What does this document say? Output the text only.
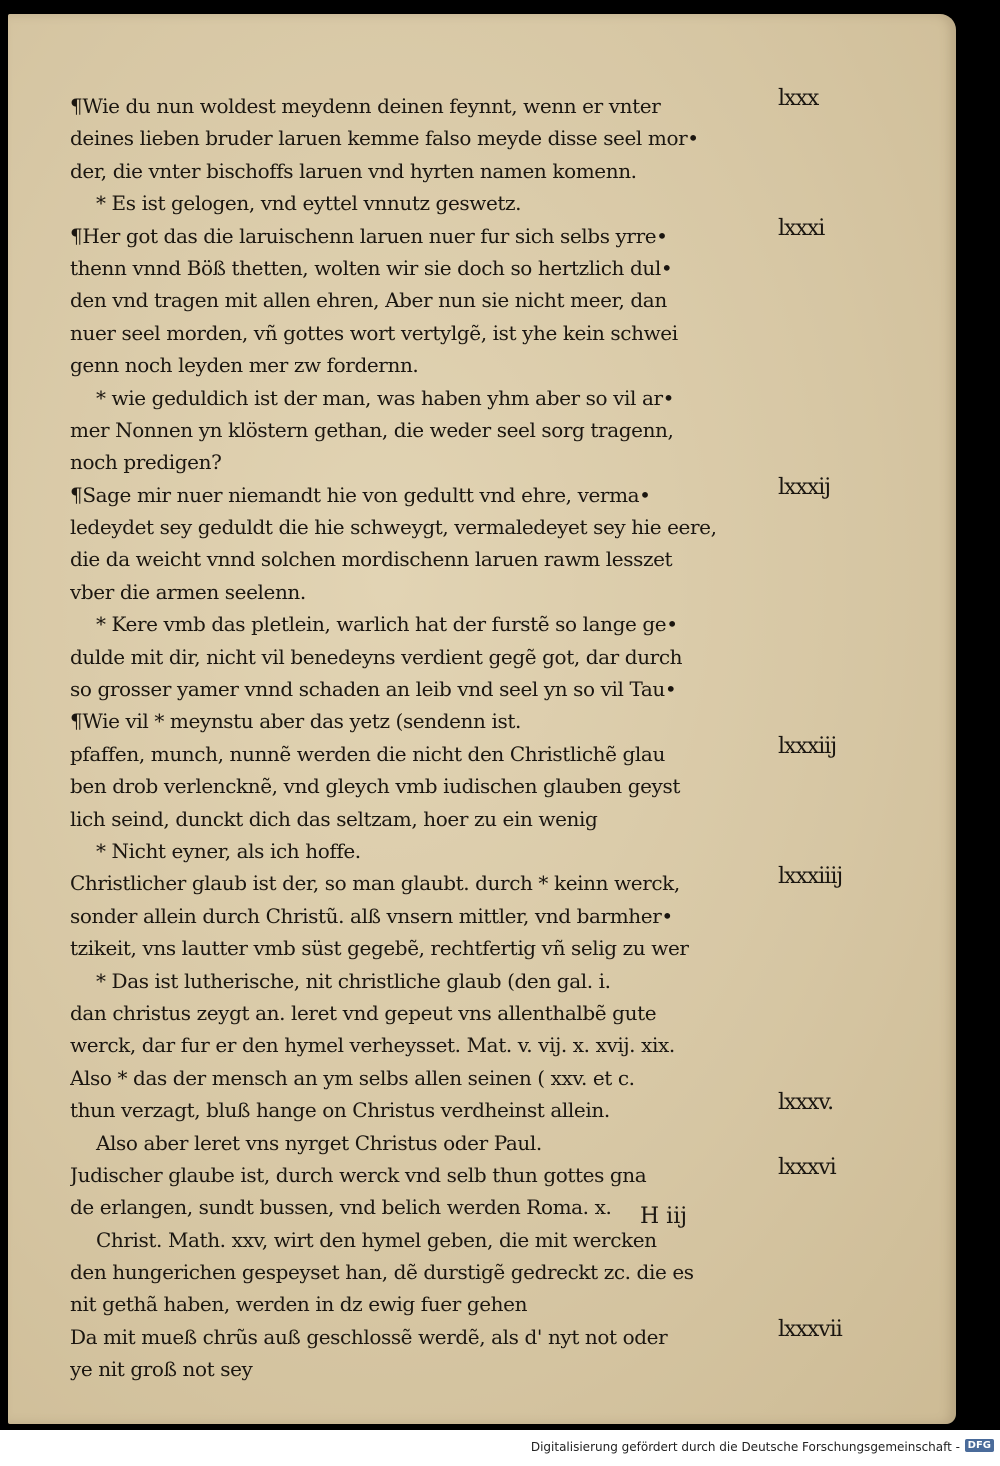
¶Wie du nun woldest meydenn deinen feynnt, wenn er vnter
deines lieben bruder laruen kemme falso meyde disse seel mor•
der, die vnter bischoffs laruen vnd hyrten namen komenn.
* Es ist gelogen, vnd eyttel vnnutz geswetz.
¶Her got das die laruischenn laruen nuer fur sich selbs yrre•
thenn vnnd Böß thetten, wolten wir sie doch so hertzlich dul•
den vnd tragen mit allen ehren, Aber nun sie nicht meer, dan
nuer seel morden, vñ gottes wort vertylgẽ, ist yhe kein schwei
genn noch leyden mer zw fordernn.
* wie geduldich ist der man, was haben yhm aber so vil ar•
mer Nonnen yn klöstern gethan, die weder seel sorg tragenn,
noch predigen?
¶Sage mir nuer niemandt hie von gedultt vnd ehre, verma•
ledeydet sey geduldt die hie schweygt, vermaledeyet sey hie eere,
die da weicht vnnd solchen mordischenn laruen rawm lesszet
vber die armen seelenn.
* Kere vmb das pletlein, warlich hat der furstẽ so lange ge•
dulde mit dir, nicht vil benedeyns verdient gegẽ got, dar durch
so grosser yamer vnnd schaden an leib vnd seel yn so vil Tau•
¶Wie vil * meynstu aber das yetz (sendenn ist.
pfaffen, munch, nunnẽ werden die nicht den Christlichẽ glau
ben drob verlencknẽ, vnd gleych vmb iudischen glauben geyst
lich seind, dunckt dich das seltzam, hoer zu ein wenig
* Nicht eyner, als ich hoffe.
Christlicher glaub ist der, so man glaubt. durch * keinn werck,
sonder allein durch Christũ. alß vnsern mittler, vnd barmher•
tzikeit, vns lautter vmb süst gegebẽ, rechtfertig vñ selig zu wer
* Das ist lutherische, nit christliche glaub (den gal. i.
dan christus zeygt an. leret vnd gepeut vns allenthalbẽ gute
werck, dar fur er den hymel verheysset. Mat. v. vij. x. xvij. xix.
Also * das der mensch an ym selbs allen seinen ( xxv. et c.
thun verzagt, bluß hange on Christus verdheinst allein.
Also aber leret vns nyrget Christus oder Paul.
Judischer glaube ist, durch werck vnd selb thun gottes gna
de erlangen, sundt bussen, vnd belich werden Roma. x.
Christ. Math. xxv, wirt den hymel geben, die mit wercken
den hungerichen gespeyset han, dẽ durstigẽ gedreckt zc. die es
nit gethã haben, werden in dz ewig fuer gehen
Da mit mueß chrũs auß geschlossẽ werdẽ, als d' nyt not oder
ye nit groß not sey
lxxx
lxxxi
lxxxij
lxxxiij
lxxxiiij
lxxxv.
lxxxvi
lxxxvii
H iij
Digitalisierung gefördert durch die Deutsche Forschungsgemeinschaft - DFG
